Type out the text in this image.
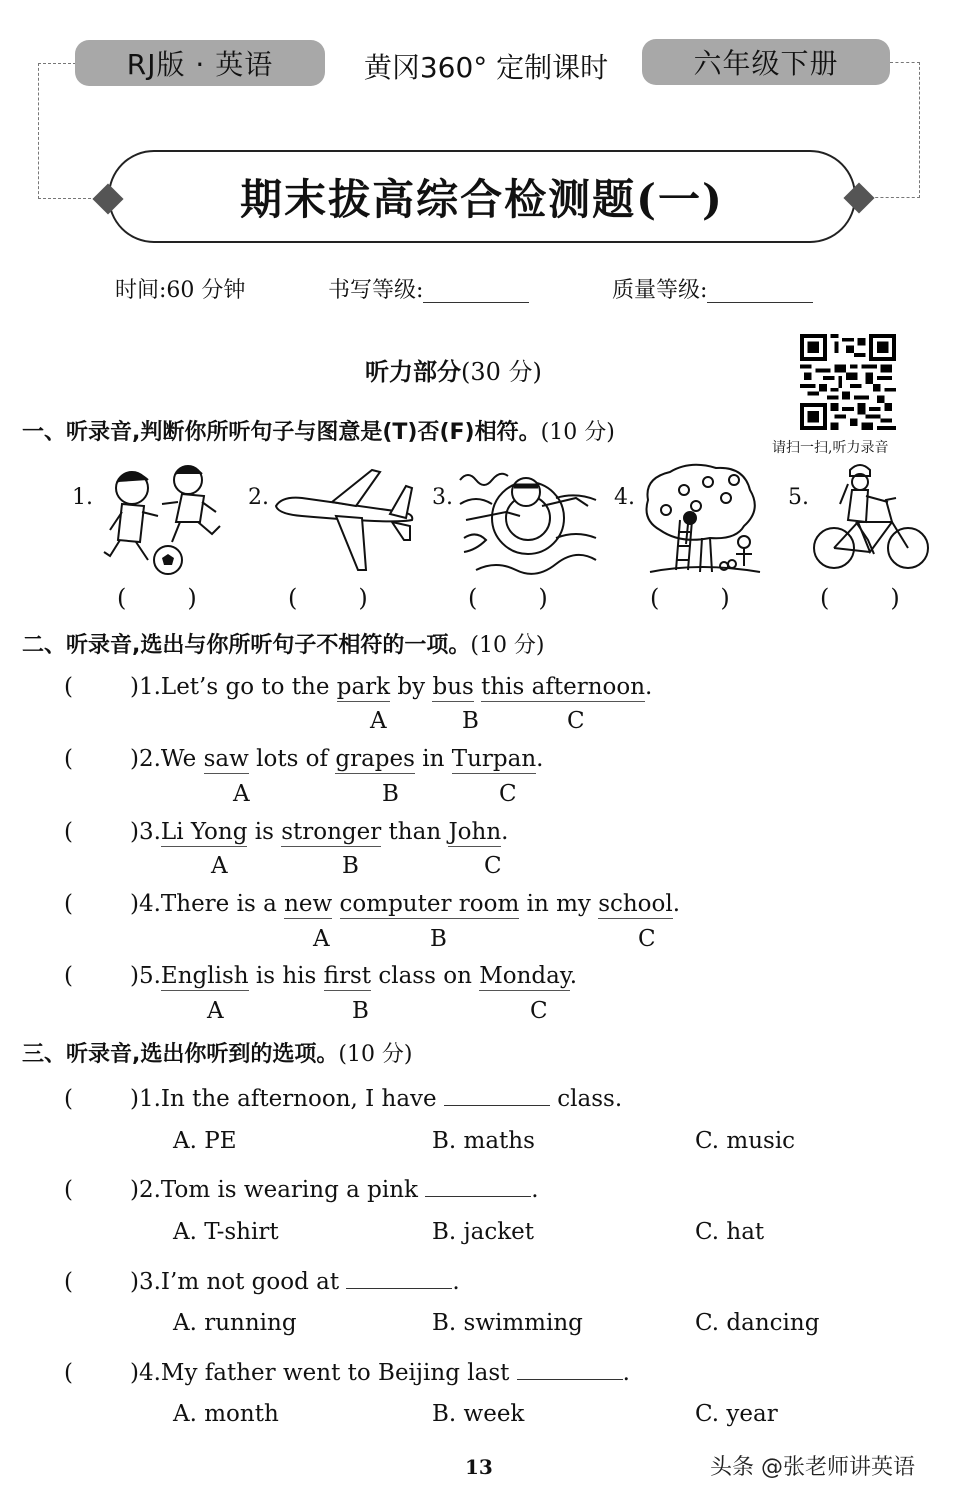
RJ版 · 英语	黄冈360° 定制课时	六年级下册
期末拔高综合检测题(一)
时间:60 分钟	书写等级:	质量等级:
听力部分(30 分)
请扫一扫,听力录音
一、听录音,判断你所听句子与图意是(T)否(F)相符。(10 分)
1.
(        )
2.
(        )
3.
(        )
4.
(        )
5.
(        )
二、听录音,选出与你所听句子不相符的一项。(10 分)
( )1.Let’s go to the park by bus this afternoon.
A	B	C
( )2.We saw lots of grapes in Turpan.
A	B	C
( )3.Li Yong is stronger than John.
A	B	C
( )4.There is a new computer room in my school.
A	B	C
( )5.English is his first class on Monday.
A	B	C
三、听录音,选出你听到的选项。(10 分)
( )1.In the afternoon, I have	class.
A. PE	B. maths	C. music
( )2.Tom is wearing a pink	.
A. T-shirt	B. jacket	C. hat
( )3.I’m not good at	.
A. running	B. swimming	C. dancing
( )4.My father went to Beijing last	.
A. month	B. week	C. year
13	头条 @张老师讲英语
